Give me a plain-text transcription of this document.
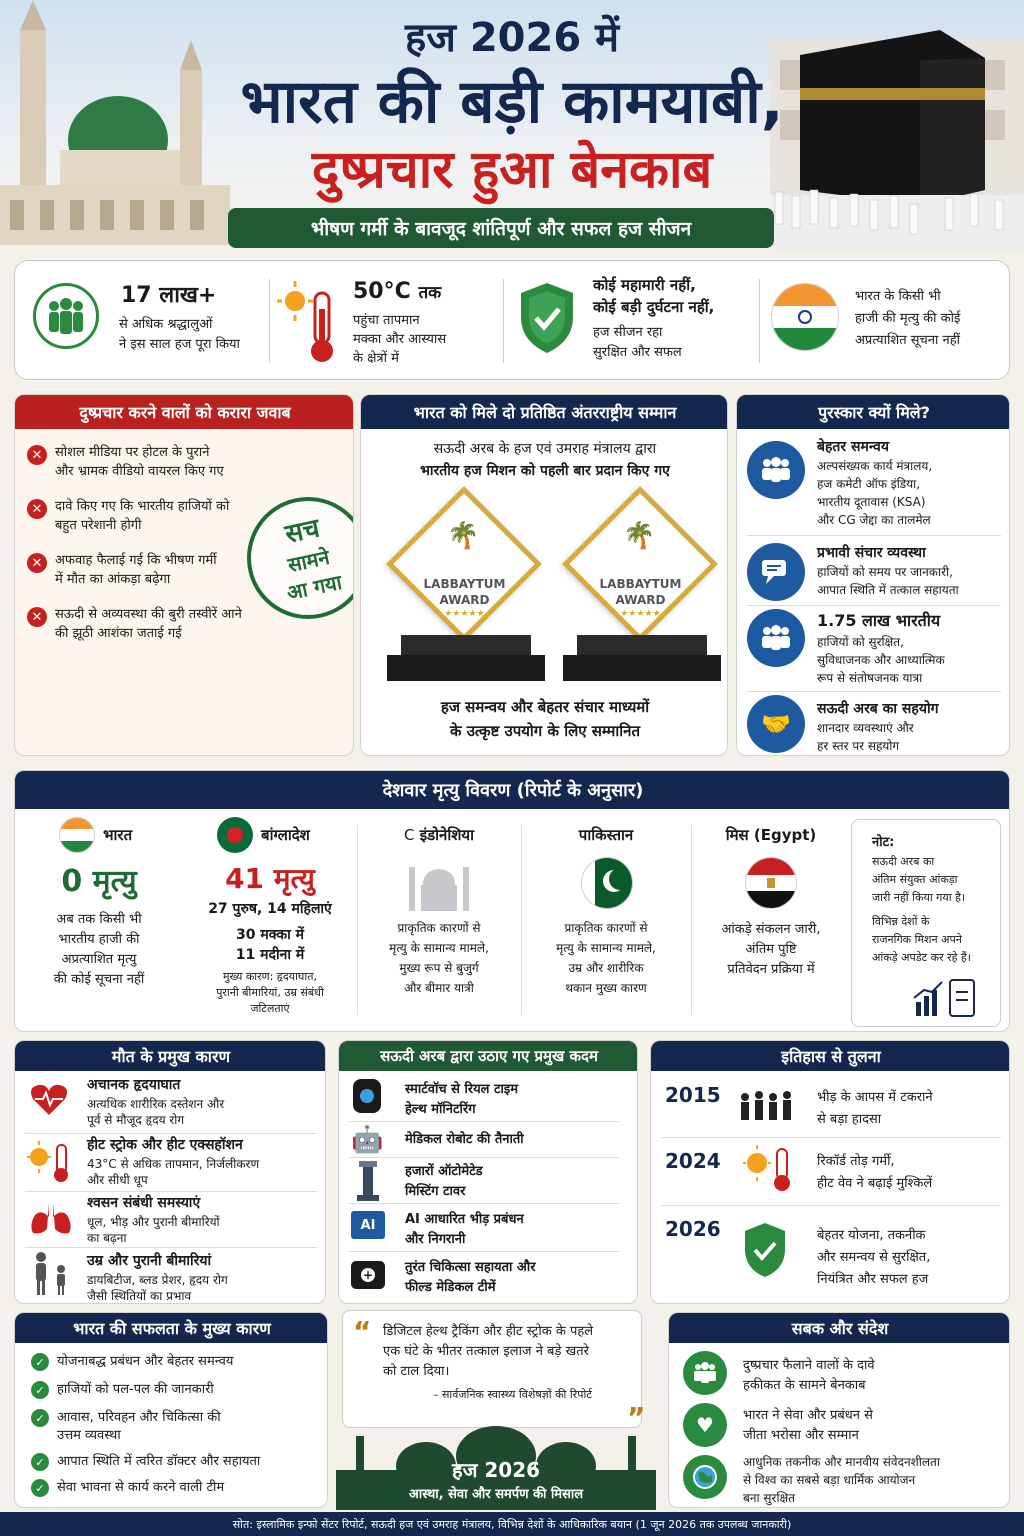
हज 2026 में
भारत की बड़ी कामयाबी,
दुष्प्रचार हुआ बेनकाब
भीषण गर्मी के बावजूद शांतिपूर्ण और सफल हज सीजन
17 लाख+
से अधिक श्रद्धालुओं
ने इस साल हज पूरा किया
50°C तक
पहुंचा तापमान
मक्का और आस्यास
के क्षेत्रों में
कोई महामारी नहीं,
कोई बड़ी दुर्घटना नहीं,
हज सीजन रहा
सुरक्षित और सफल
भारत के किसी भी
हाजी की मृत्यु की कोई
अप्रत्याशित सूचना नहीं
दुष्प्रचार करने वालों को करारा जवाब
✕ सोशल मीडिया पर होटल के पुराने
और भ्रामक वीडियो वायरल किए गए
✕ दावे किए गए कि भारतीय हाजियों को
बहुत परेशानी होगी
✕ अफवाह फैलाई गई कि भीषण गर्मी
में मौत का आंकड़ा बढ़ेगा
✕ सऊदी से अव्यवस्था की बुरी तस्वीरें आने
की झूठी आशंका जताई गई
सच
सामने
आ गया
भारत को मिले दो प्रतिष्ठित अंतरराष्ट्रीय सम्मान
सऊदी अरब के हज एवं उमराह मंत्रालय द्वारा
भारतीय हज मिशन को पहली बार प्रदान किए गए
🌴
LABBAYTUM
AWARD
★★★★★
🌴
LABBAYTUM
AWARD
★★★★★
हज समन्वय और बेहतर संचार माध्यमों
के उत्कृष्ट उपयोग के लिए सम्मानित
पुरस्कार क्यों मिले?
बेहतर समन्वय
अल्पसंख्यक कार्य मंत्रालय,
हज कमेटी ऑफ इंडिया,
भारतीय दूतावास (KSA)
और CG जेद्दा का तालमेल
प्रभावी संचार व्यवस्था
हाजियों को समय पर जानकारी,
आपात स्थिति में तत्काल सहायता
1.75 लाख भारतीय
हाजियों को सुरक्षित,
सुविधाजनक और आध्यात्मिक
रूप से संतोषजनक यात्रा
🤝
सऊदी अरब का सहयोग
शानदार व्यवस्थाएं और
हर स्तर पर सहयोग
देशवार मृत्यु विवरण (रिपोर्ट के अनुसार)
भारत
0 मृत्यु
अब तक किसी भी
भारतीय हाजी की
अप्रत्याशित मृत्यु
की कोई सूचना नहीं
बांग्लादेश
41 मृत्यु
27 पुरुष, 14 महिलाएं
30 मक्का में
11 मदीना में
मुख्य कारण: हृदयाघात,
पुरानी बीमारियां, उम्र संबंधी
जटिलताएं
C इंडोनेशिया
प्राकृतिक कारणों से
मृत्यु के सामान्य मामले,
मुख्य रूप से बुजुर्ग
और बीमार यात्री
पाकिस्तान
प्राकृतिक कारणों से
मृत्यु के सामान्य मामले,
उम्र और शारीरिक
थकान मुख्य कारण
मिस (Egypt)
आंकड़े संकलन जारी,
अंतिम पुष्टि
प्रतिवेदन प्रक्रिया में
नोट:
सऊदी अरब का
अंतिम संयुक्त आंकड़ा
जारी नहीं किया गया है।
विभिन्न देशों के
राजनगिक मिशन अपने
आंकड़े अपडेट कर रहे हैं।
मौत के प्रमुख कारण
अचानक हृदयाघात
अत्यधिक शारीरिक दस्तेशन और
पूर्व से मौजूद हृदय रोग
हीट स्ट्रोक और हीट एक्सहॉशन
43°C से अधिक तापमान, निर्जलीकरण
और सीधी धूप
श्वसन संबंधी समस्याएं
धूल, भीड़ और पुरानी बीमारियों
का बढ़ना
उम्र और पुरानी बीमारियां
डायबिटीज, ब्लड प्रेशर, हृदय रोग
जैसी स्थितियों का प्रभाव
सऊदी अरब द्वारा उठाए गए प्रमुख कदम
स्मार्टवॉच से रियल टाइम
हेल्थ मॉनिटरिंग
🤖 मेडिकल रोबोट की तैनाती
हजारों ऑटोमेटेड
मिस्टिंग टावर
AI	AI आधारित भीड़ प्रबंधन
और निगरानी
+ तुरंत चिकित्सा सहायता और
फील्ड मेडिकल टीमें
इतिहास से तुलना
2015	भीड़ के आपस में टकराने
से बड़ा हादसा
2024	रिकॉर्ड तोड़ गर्मी,
हीट वेव ने बढ़ाई मुश्किलें
2026	बेहतर योजना, तकनीक
और समन्वय से सुरक्षित,
नियंत्रित और सफल हज
भारत की सफलता के मुख्य कारण
✓ योजनाबद्ध प्रबंधन और बेहतर समन्वय
✓ हाजियों को पल-पल की जानकारी
✓ आवास, परिवहन और चिकित्सा की
उत्तम व्यवस्था
✓ आपात स्थिति में त्वरित डॉक्टर और सहायता
✓ सेवा भावना से कार्य करने वाली टीम
“ डिजिटल हेल्थ ट्रैकिंग और हीट स्ट्रोक के पहले
एक घंटे के भीतर तत्काल इलाज ने बड़े खतरे
को टाल दिया।
– सार्वजनिक स्वास्थ्य विशेषज्ञों की रिपोर्ट
”
हज 2026
आस्था, सेवा और समर्पण की मिसाल
सबक और संदेश
दुष्प्रचार फैलाने वालों के दावे
हकीकत के सामने बेनकाब
♥ भारत ने सेवा और प्रबंधन से
जीता भरोसा और सम्मान
आधुनिक तकनीक और मानवीय संवेदनशीलता
से विश्व का सबसे बड़ा धार्मिक आयोजन
बना सुरक्षित
सोत: इस्लामिक इन्फो सेंटर रिपोर्ट, सऊदी हज एवं उमराह मंत्रालय, विभिन्न देशों के आधिकारिक बयान (1 जून 2026 तक उपलब्ध जानकारी)
